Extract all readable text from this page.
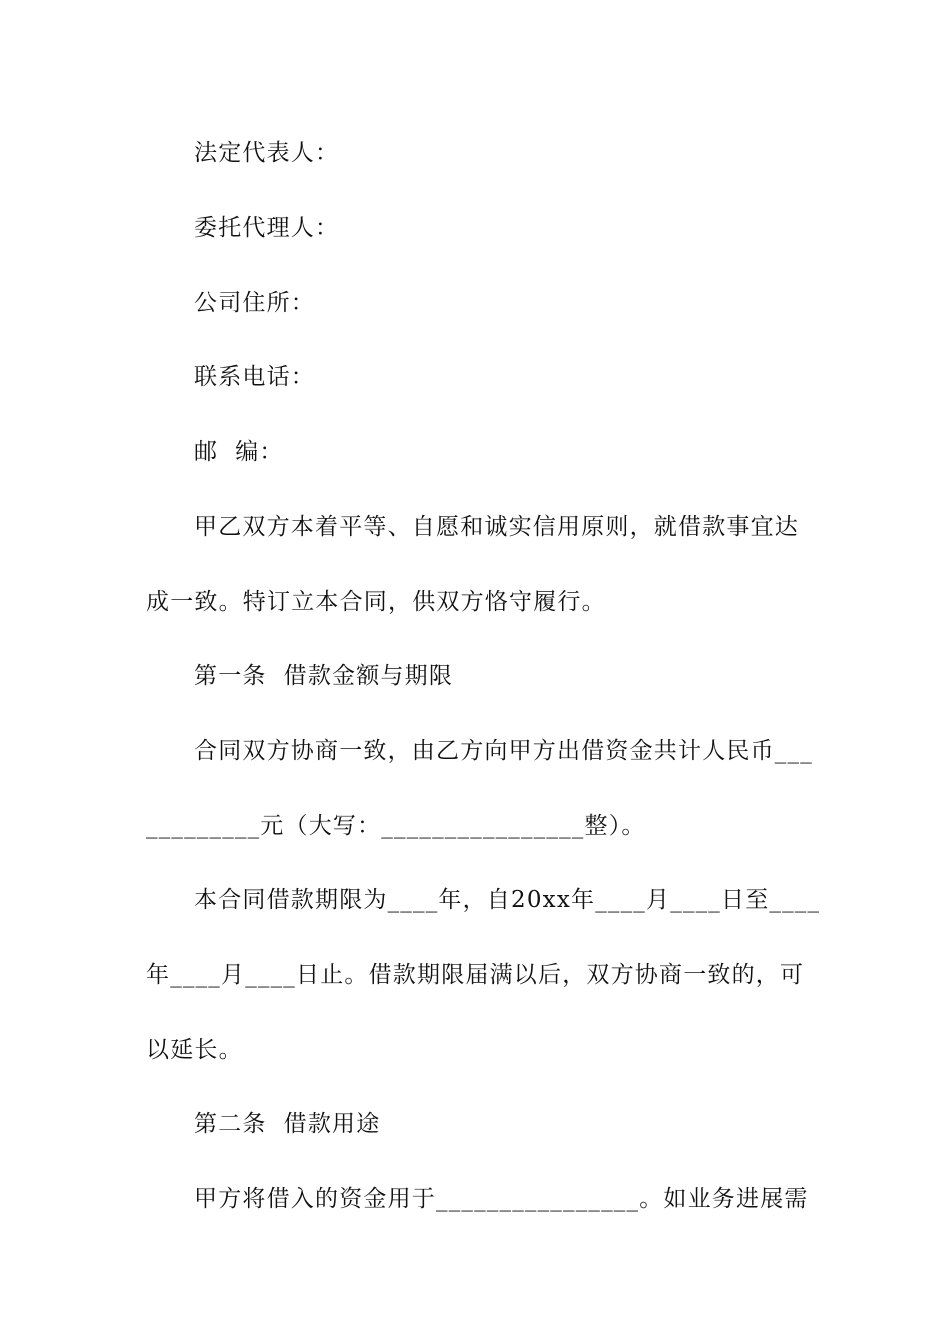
法定代表人：
委托代理人：
公司住所：
联系电话：
邮  编：
甲乙双方本着平等、自愿和诚实信用原则，就借款事宜达
成一致。特订立本合同，供双方恪守履行。
第一条  借款金额与期限
合同双方协商一致，由乙方向甲方出借资金共计人民币___
_________元（大写：________________整）。
本合同借款期限为____年，自20xx年____月____日至____
年____月____日止。借款期限届满以后，双方协商一致的，可
以延长。
第二条  借款用途
甲方将借入的资金用于________________。如业务进展需
